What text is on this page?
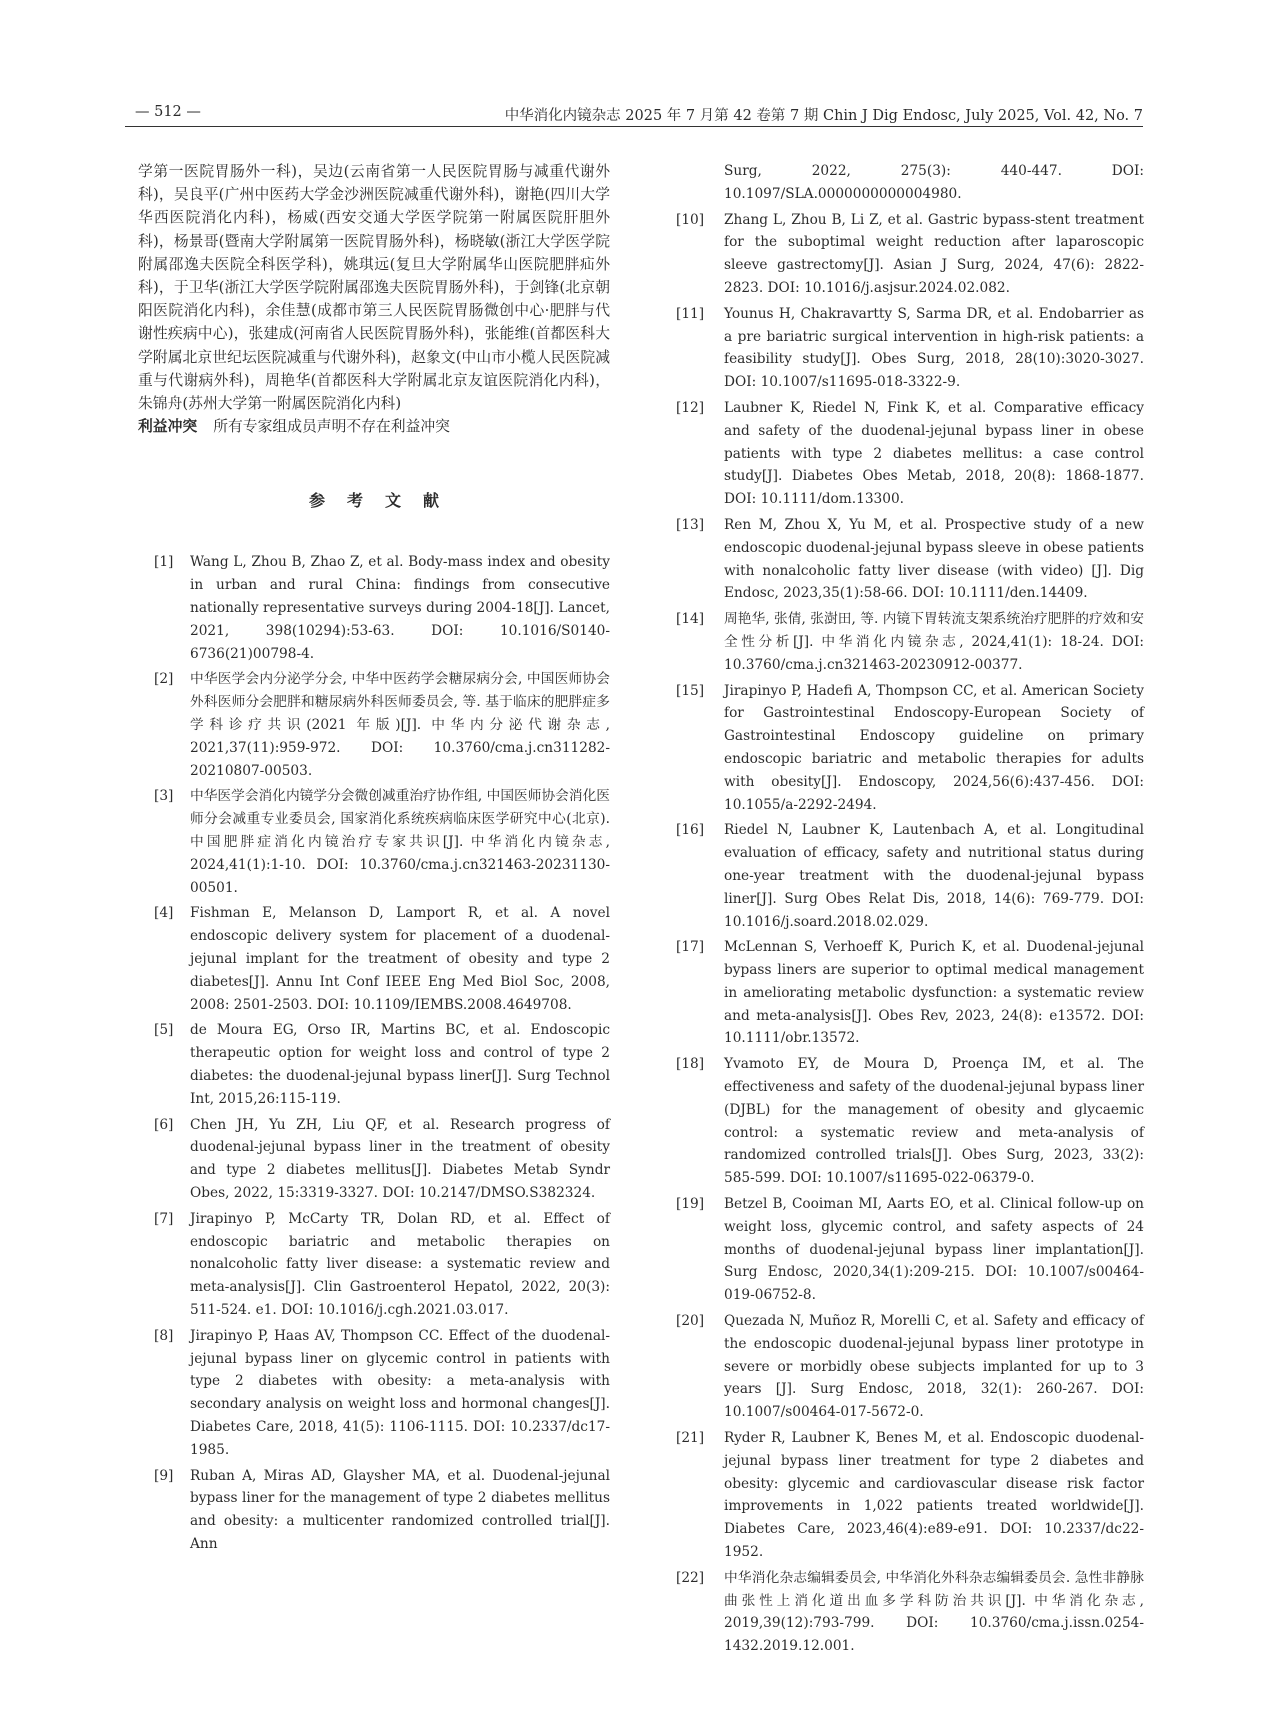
— 512 —	中华消化内镜杂志 2025 年 7 月第 42 卷第 7 期 Chin J Dig Endosc, July 2025, Vol. 42, No. 7

学第一医院胃肠外一科)，吴边(云南省第一人民医院胃肠与减重代谢外科)，吴良平(广州中医药大学金沙洲医院减重代谢外科)，谢艳(四川大学华西医院消化内科)，杨威(西安交通大学医学院第一附属医院肝胆外科)，杨景哥(暨南大学附属第一医院胃肠外科)，杨晓敏(浙江大学医学院附属邵逸夫医院全科医学科)，姚琪远(复旦大学附属华山医院肥胖疝外科)，于卫华(浙江大学医学院附属邵逸夫医院胃肠外科)，于剑锋(北京朝阳医院消化内科)，余佳慧(成都市第三人民医院胃肠微创中心·肥胖与代谢性疾病中心)，张建成(河南省人民医院胃肠外科)，张能维(首都医科大学附属北京世纪坛医院减重与代谢外科)，赵象文(中山市小榄人民医院减重与代谢病外科)，周艳华(首都医科大学附属北京友谊医院消化内科)，朱锦舟(苏州大学第一附属医院消化内科)

利益冲突 所有专家组成员声明不存在利益冲突

参考文献
[1] Wang L, Zhou B, Zhao Z, et al. Body-mass index and obesity in urban and rural China: findings from consecutive nationally representative surveys during 2004-18[J]. Lancet, 2021, 398(10294):53-63. DOI: 10.1016/S0140-6736(21)00798-4.
[2] 中华医学会内分泌学分会, 中华中医药学会糖尿病分会, 中国医师协会外科医师分会肥胖和糖尿病外科医师委员会, 等. 基于临床的肥胖症多学科诊疗共识(2021 年版)[J]. 中华内分泌代谢杂志, 2021,37(11):959-972. DOI: 10.3760/cma.j.cn311282-20210807-00503.
[3] 中华医学会消化内镜学分会微创减重治疗协作组, 中国医师协会消化医师分会减重专业委员会, 国家消化系统疾病临床医学研究中心(北京). 中国肥胖症消化内镜治疗专家共识[J]. 中华消化内镜杂志, 2024,41(1):1-10. DOI: 10.3760/cma.j.cn321463-20231130-00501.
[4] Fishman E, Melanson D, Lamport R, et al. A novel endoscopic delivery system for placement of a duodenal-jejunal implant for the treatment of obesity and type 2 diabetes[J]. Annu Int Conf IEEE Eng Med Biol Soc, 2008, 2008: 2501-2503. DOI: 10.1109/IEMBS.2008.4649708.
[5] de Moura EG, Orso IR, Martins BC, et al. Endoscopic therapeutic option for weight loss and control of type 2 diabetes: the duodenal-jejunal bypass liner[J]. Surg Technol Int, 2015,26:115-119.
[6] Chen JH, Yu ZH, Liu QF, et al. Research progress of duodenal-jejunal bypass liner in the treatment of obesity and type 2 diabetes mellitus[J]. Diabetes Metab Syndr Obes, 2022, 15:3319-3327. DOI: 10.2147/DMSO.S382324.
[7] Jirapinyo P, McCarty TR, Dolan RD, et al. Effect of endoscopic bariatric and metabolic therapies on nonalcoholic fatty liver disease: a systematic review and meta-analysis[J]. Clin Gastroenterol Hepatol, 2022, 20(3): 511-524. e1. DOI: 10.1016/j.cgh.2021.03.017.
[8] Jirapinyo P, Haas AV, Thompson CC. Effect of the duodenal-jejunal bypass liner on glycemic control in patients with type 2 diabetes with obesity: a meta-analysis with secondary analysis on weight loss and hormonal changes[J]. Diabetes Care, 2018, 41(5): 1106-1115. DOI: 10.2337/dc17-1985.
[9] Ruban A, Miras AD, Glaysher MA, et al. Duodenal-jejunal bypass liner for the management of type 2 diabetes mellitus and obesity: a multicenter randomized controlled trial[J]. Ann
Surg, 2022, 275(3): 440-447. DOI: 10.1097/SLA.0000000000004980.
[10] Zhang L, Zhou B, Li Z, et al. Gastric bypass-stent treatment for the suboptimal weight reduction after laparoscopic sleeve gastrectomy[J]. Asian J Surg, 2024, 47(6): 2822-2823. DOI: 10.1016/j.asjsur.2024.02.082.
[11] Younus H, Chakravartty S, Sarma DR, et al. Endobarrier as a pre bariatric surgical intervention in high-risk patients: a feasibility study[J]. Obes Surg, 2018, 28(10):3020-3027. DOI: 10.1007/s11695-018-3322-9.
[12] Laubner K, Riedel N, Fink K, et al. Comparative efficacy and safety of the duodenal-jejunal bypass liner in obese patients with type 2 diabetes mellitus: a case control study[J]. Diabetes Obes Metab, 2018, 20(8): 1868-1877. DOI: 10.1111/dom.13300.
[13] Ren M, Zhou X, Yu M, et al. Prospective study of a new endoscopic duodenal-jejunal bypass sleeve in obese patients with nonalcoholic fatty liver disease (with video) [J]. Dig Endosc, 2023,35(1):58-66. DOI: 10.1111/den.14409.
[14] 周艳华, 张倩, 张澍田, 等. 内镜下胃转流支架系统治疗肥胖的疗效和安全性分析[J]. 中华消化内镜杂志, 2024,41(1): 18-24. DOI: 10.3760/cma.j.cn321463-20230912-00377.
[15] Jirapinyo P, Hadefi A, Thompson CC, et al. American Society for Gastrointestinal Endoscopy-European Society of Gastrointestinal Endoscopy guideline on primary endoscopic bariatric and metabolic therapies for adults with obesity[J]. Endoscopy, 2024,56(6):437-456. DOI: 10.1055/a-2292-2494.
[16] Riedel N, Laubner K, Lautenbach A, et al. Longitudinal evaluation of efficacy, safety and nutritional status during one-year treatment with the duodenal-jejunal bypass liner[J]. Surg Obes Relat Dis, 2018, 14(6): 769-779. DOI: 10.1016/j.soard.2018.02.029.
[17] McLennan S, Verhoeff K, Purich K, et al. Duodenal-jejunal bypass liners are superior to optimal medical management in ameliorating metabolic dysfunction: a systematic review and meta-analysis[J]. Obes Rev, 2023, 24(8): e13572. DOI: 10.1111/obr.13572.
[18] Yvamoto EY, de Moura D, Proença IM, et al. The effectiveness and safety of the duodenal-jejunal bypass liner (DJBL) for the management of obesity and glycaemic control: a systematic review and meta-analysis of randomized controlled trials[J]. Obes Surg, 2023, 33(2): 585-599. DOI: 10.1007/s11695-022-06379-0.
[19] Betzel B, Cooiman MI, Aarts EO, et al. Clinical follow-up on weight loss, glycemic control, and safety aspects of 24 months of duodenal-jejunal bypass liner implantation[J]. Surg Endosc, 2020,34(1):209-215. DOI: 10.1007/s00464-019-06752-8.
[20] Quezada N, Muñoz R, Morelli C, et al. Safety and efficacy of the endoscopic duodenal-jejunal bypass liner prototype in severe or morbidly obese subjects implanted for up to 3 years [J]. Surg Endosc, 2018, 32(1): 260-267. DOI: 10.1007/s00464-017-5672-0.
[21] Ryder R, Laubner K, Benes M, et al. Endoscopic duodenal-jejunal bypass liner treatment for type 2 diabetes and obesity: glycemic and cardiovascular disease risk factor improvements in 1,022 patients treated worldwide[J]. Diabetes Care, 2023,46(4):e89-e91. DOI: 10.2337/dc22-1952.
[22] 中华消化杂志编辑委员会, 中华消化外科杂志编辑委员会. 急性非静脉曲张性上消化道出血多学科防治共识[J]. 中华消化杂志, 2019,39(12):793-799. DOI: 10.3760/cma.j.issn.0254-1432.2019.12.001.
